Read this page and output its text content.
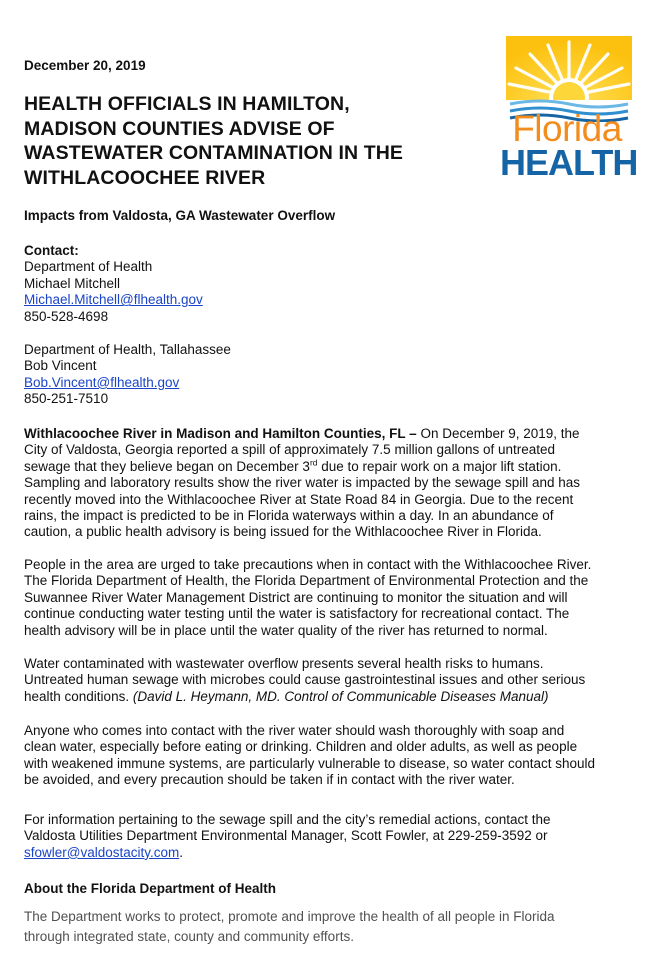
December 20, 2019
HEALTH OFFICIALS IN HAMILTON,
MADISON COUNTIES ADVISE OF
WASTEWATER CONTAMINATION IN THE
WITHLACOOCHEE RIVER
Florida
HEALTH
Impacts from Valdosta, GA Wastewater Overflow
Contact:
Department of Health
Michael Mitchell
Michael.Mitchell@flhealth.gov
850-528-4698
Department of Health, Tallahassee
Bob Vincent
Bob.Vincent@flhealth.gov
850-251-7510
Withlacoochee River in Madison and Hamilton Counties, FL – On December 9, 2019, the
City of Valdosta, Georgia reported a spill of approximately 7.5 million gallons of untreated
sewage that they believe began on December 3rd due to repair work on a major lift station.
Sampling and laboratory results show the river water is impacted by the sewage spill and has
recently moved into the Withlacoochee River at State Road 84 in Georgia. Due to the recent
rains, the impact is predicted to be in Florida waterways within a day. In an abundance of
caution, a public health advisory is being issued for the Withlacoochee River in Florida.
People in the area are urged to take precautions when in contact with the Withlacoochee River.
The Florida Department of Health, the Florida Department of Environmental Protection and the
Suwannee River Water Management District are continuing to monitor the situation and will
continue conducting water testing until the water is satisfactory for recreational contact. The
health advisory will be in place until the water quality of the river has returned to normal.
Water contaminated with wastewater overflow presents several health risks to humans.
Untreated human sewage with microbes could cause gastrointestinal issues and other serious
health conditions. (David L. Heymann, MD. Control of Communicable Diseases Manual)
Anyone who comes into contact with the river water should wash thoroughly with soap and
clean water, especially before eating or drinking. Children and older adults, as well as people
with weakened immune systems, are particularly vulnerable to disease, so water contact should
be avoided, and every precaution should be taken if in contact with the river water.
For information pertaining to the sewage spill and the city’s remedial actions, contact the
Valdosta Utilities Department Environmental Manager, Scott Fowler, at 229-259-3592 or
sfowler@valdostacity.com.
About the Florida Department of Health
The Department works to protect, promote and improve the health of all people in Florida
through integrated state, county and community efforts.
